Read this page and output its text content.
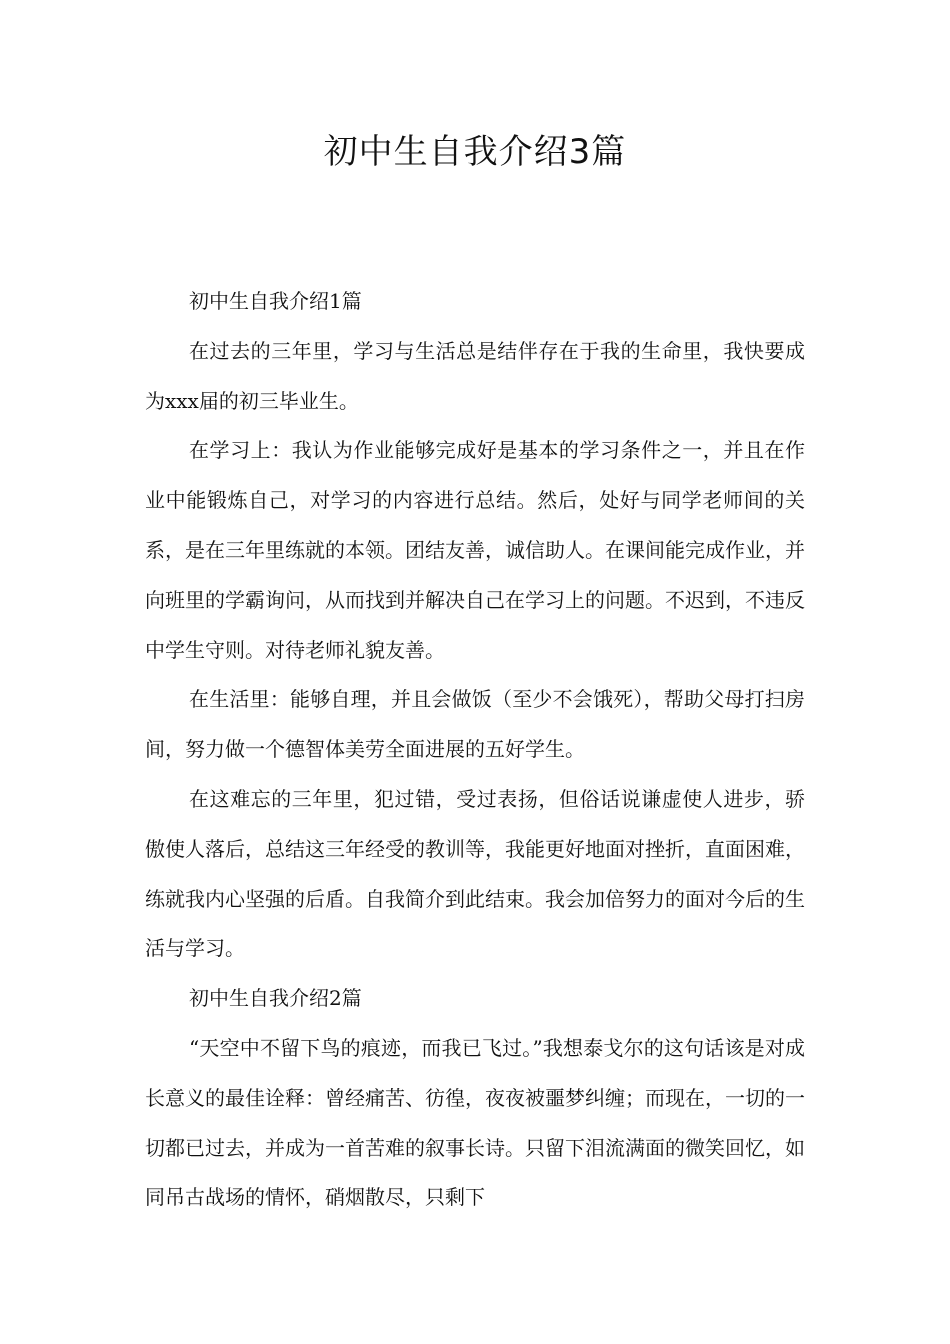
初中生自我介绍3篇

初中生自我介绍1篇

在过去的三年里，学习与生活总是结伴存在于我的生命里，我快要成为xxx届的初三毕业生。

在学习上：我认为作业能够完成好是基本的学习条件之一，并且在作业中能锻炼自己，对学习的内容进行总结。然后，处好与同学老师间的关系，是在三年里练就的本领。团结友善，诚信助人。在课间能完成作业，并向班里的学霸询问，从而找到并解决自己在学习上的问题。不迟到，不违反中学生守则。对待老师礼貌友善。

在生活里：能够自理，并且会做饭（至少不会饿死），帮助父母打扫房间，努力做一个德智体美劳全面进展的五好学生。

在这难忘的三年里，犯过错，受过表扬，但俗话说谦虚使人进步，骄傲使人落后，总结这三年经受的教训等，我能更好地面对挫折，直面困难，练就我内心坚强的后盾。自我简介到此结束。我会加倍努力的面对今后的生活与学习。

初中生自我介绍2篇

“天空中不留下鸟的痕迹，而我已飞过。”我想泰戈尔的这句话该是对成长意义的最佳诠释：曾经痛苦、彷徨，夜夜被噩梦纠缠；而现在，一切的一切都已过去，并成为一首苦难的叙事长诗。只留下泪流满面的微笑回忆，如同吊古战场的情怀，硝烟散尽，只剩下
